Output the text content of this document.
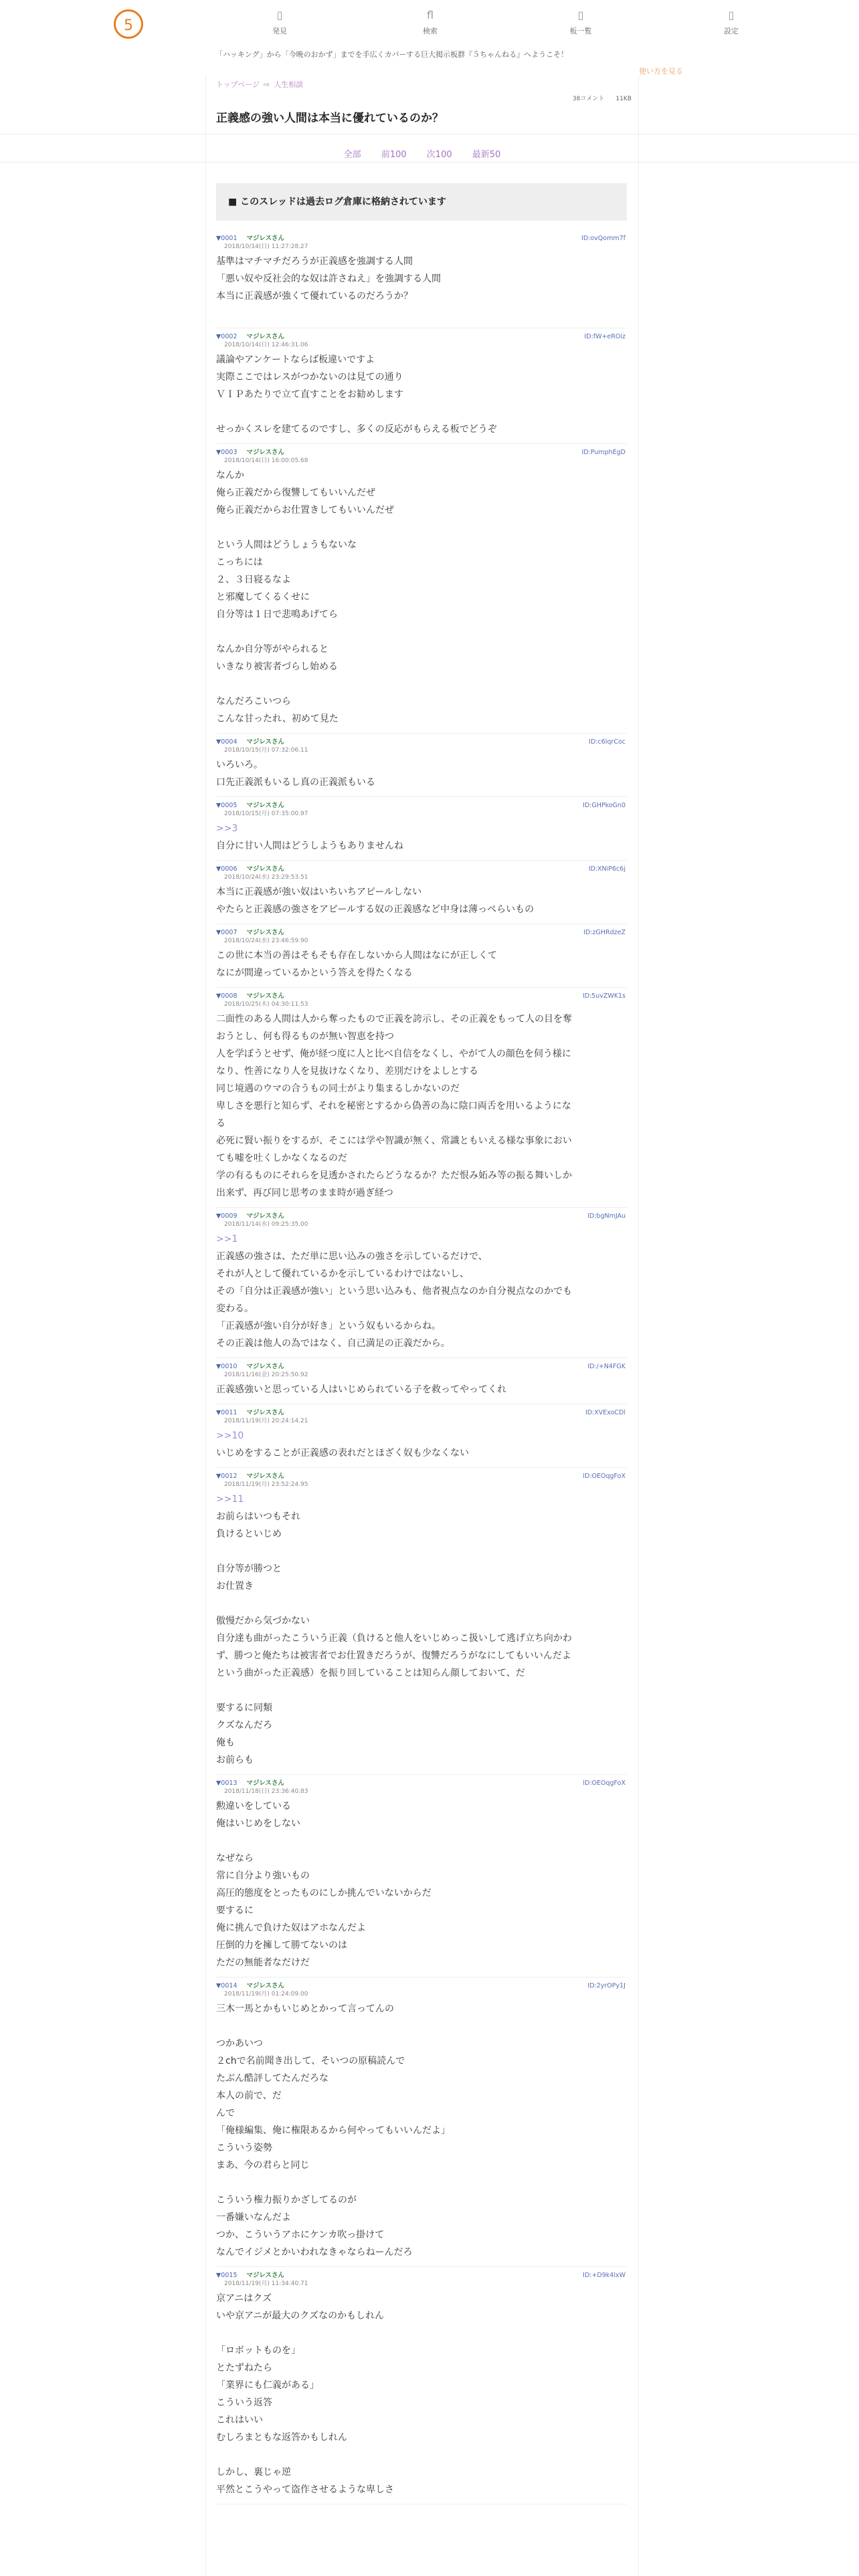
5
▯
発見
fl
検索
▯
板一覧
▯
設定
「ハッキング」から「今晩のおかず」までを手広くカバーする巨大掲示板群『５ちゃんねる』へようこそ！
使い方を見る
トップページ ⇨ 人生相談
38コメント 11KB
正義感の強い人間は本当に優れているのか？
全部 前100 次100 最新50
■ このスレッドは過去ログ倉庫に格納されています
▼0001 マジレスさん	ID:ovQomm7f
2018/10/14(日) 11:27:28.27
基準はマチマチだろうが正義感を強調する人間
「悪い奴や反社会的な奴は許さねえ」を強調する人間
本当に正義感が強くて優れているのだろうか？
▼0002 マジレスさん	ID:fW+eROiz
2018/10/14(日) 12:46:31.06
議論やアンケートならば板違いですよ
実際ここではレスがつかないのは見ての通り
ＶＩＰあたりで立て直すことをお勧めします
せっかくスレを建てるのですし、多くの反応がもらえる板でどうぞ
▼0003 マジレスさん	ID:PumphEgD
2018/10/14(日) 16:00:05.68
なんか
俺ら正義だから復讐してもいいんだぜ
俺ら正義だからお仕置きしてもいいんだぜ
という人間はどうしょうもないな
こっちには
２、３日寝るなよ
と邪魔してくるくせに
自分等は１日で悲鳴あげてら
なんか自分等がやられると
いきなり被害者づらし始める
なんだろこいつら
こんな甘ったれ、初めて見た
▼0004 マジレスさん	ID:c6lqrCoc
2018/10/15(月) 07:32:06.11
いろいろ。
口先正義派もいるし真の正義派もいる
▼0005 マジレスさん	ID:GHPkoGn0
2018/10/15(月) 07:35:00.97
>>3
自分に甘い人間はどうしようもありませんね
▼0006 マジレスさん	ID:XNiP6c6j
2018/10/24(水) 23:29:53.51
本当に正義感が強い奴はいちいちアピールしない
やたらと正義感の強さをアピールする奴の正義感など中身は薄っぺらいもの
▼0007 マジレスさん	ID:zGHRdzeZ
2018/10/24(水) 23:46:59.90
この世に本当の善はそもそも存在しないから人間はなにが正しくて
なにが間違っているかという答えを得たくなる
▼0008 マジレスさん	ID:5uvZWK1s
2018/10/25(木) 04:30:11.53
二面性のある人間は人から奪ったもので正義を誇示し、その正義をもって人の目を奪
おうとし、何も得るものが無い智恵を持つ
人を学ぼうとせず、俺が経つ度に人と比べ自信をなくし、やがて人の顔色を伺う様に
なり、性善になり人を見抜けなくなり、差別だけをよしとする
同じ境遇のウマの合うもの同士がより集まるしかないのだ
卑しさを悪行と知らず、それを秘密とするから偽善の為に陰口両舌を用いるようにな
る
必死に賢い振りをするが、そこには学や智識が無く、常識ともいえる様な事象におい
ても嘘を吐くしかなくなるのだ
学の有るものにそれらを見透かされたらどうなるか？ただ恨み妬み等の振る舞いしか
出来ず、再び同じ思考のまま時が過ぎ経つ
▼0009 マジレスさん	ID:bgNmJAu
2018/11/14(水) 09:25:35.00
>>1
正義感の強さは、ただ単に思い込みの強さを示しているだけで、
それが人として優れているかを示しているわけではないし、
その「自分は正義感が強い」という思い込みも、他者視点なのか自分視点なのかでも
変わる。
「正義感が強い自分が好き」という奴もいるからね。
その正義は他人の為ではなく、自己満足の正義だから。
▼0010 マジレスさん	ID:/+N4FGK
2018/11/16(金) 20:25:50.92
正義感強いと思っている人はいじめられている子を救ってやってくれ
▼0011 マジレスさん	ID:XVExoCDl
2018/11/19(月) 20:24:14.21
>>10
いじめをすることが正義感の表れだとほざく奴も少なくない
▼0012 マジレスさん	ID:OEOqgFoX
2018/11/19(月) 23:52:24.95
>>11
お前らはいつもそれ
負けるといじめ
自分等が勝つと
お仕置き
傲慢だから気づかない
自分達も曲がったこういう正義（負けると他人をいじめっこ扱いして逃げ立ち向かわ
ず、勝つと俺たちは被害者でお仕置きだろうが、復讐だろうがなにしてもいいんだよ
という曲がった正義感）を振り回していることは知らん顔しておいて、だ
要するに同類
クズなんだろ
俺も
お前らも
▼0013 マジレスさん	ID:OEOqgFoX
2018/11/18(日) 23:36:40.83
勲違いをしている
俺はいじめをしない
なぜなら
常に自分より強いもの
高圧的態度をとったものにしか挑んでいないからだ
要するに
俺に挑んで負けた奴はアホなんだよ
圧倒的力を擁して勝てないのは
ただの無能者なだけだ
▼0014 マジレスさん	ID:2yrOPy1J
2018/11/19(月) 01:24:09.00
三木一馬とかもいじめとかって言ってんの
つかあいつ
２chで名前聞き出して、そいつの原稿読んで
たぶん酷評してたんだろな
本人の前で、だ
んで
「俺様編集、俺に権限あるから何やってもいいんだよ」
こういう姿勢
まあ、今の君らと同じ
こういう権力振りかざしてるのが
一番嫌いなんだよ
つか、こういうアホにケンカ吹っ掛けて
なんでイジメとかいわれなきゃならねーんだろ
▼0015 マジレスさん	ID:+D9k4lxW
2018/11/19(月) 11:34:40.71
京アニはクズ
いや京アニが最大のクズなのかもしれん
「ロボットものを」
とたずねたら
「業界にも仁義がある」
こういう返答
これはいい
むしろまともな返答かもしれん
しかし、裏じゃ逆
平然とこうやって盗作させるような卑しさ
